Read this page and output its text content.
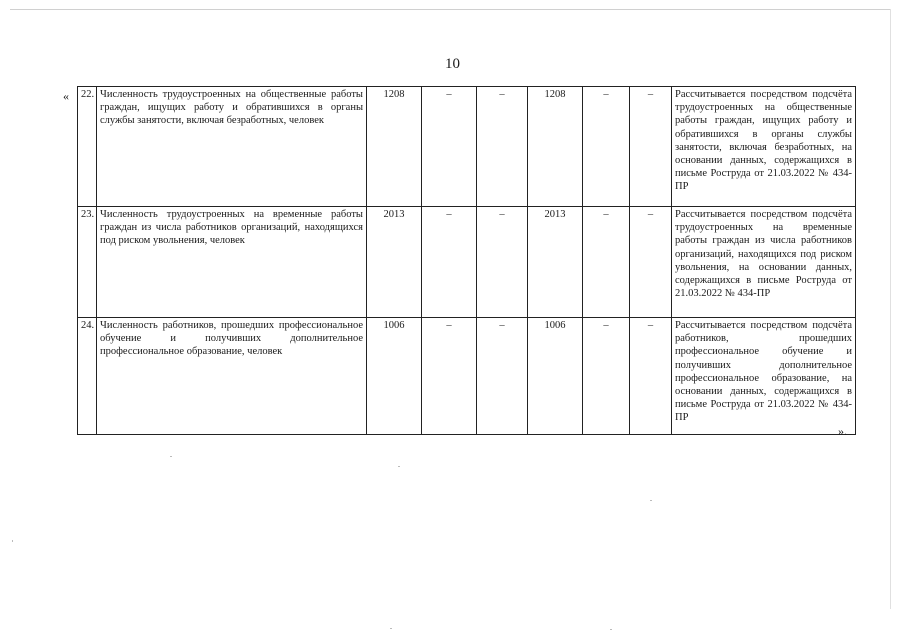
10
« 22.	Численность трудоустроенных на общественные работы граждан, ищущих работу и обратившихся в органы службы занятости, включая безработных, человек	1208	–	–	1208	–	–	Рассчитывается посредством подсчёта трудоустроенных на общественные работы граждан, ищущих работу и обратившихся в органы службы занятости, включая безработных, на основании данных, содержащихся в письме Роструда от 21.03.2022 № 434-ПР
23.	Численность трудоустроенных на временные работы граждан из числа работников организаций, находящихся под риском увольнения, человек	2013	–	–	2013	–	–	Рассчитывается посредством подсчёта трудоустроенных на временные работы граждан из числа работников организаций, находящихся под риском увольнения, на основании данных, содержащихся в письме Роструда от 21.03.2022 № 434-ПР
24.	Численность работников, прошедших профессиональное обучение и получивших дополнительное профессиональное образование, человек	1006	–	–	1006	–	–	Рассчитывается посредством подсчёта работников, прошедших профессиональное обучение и получивших дополнительное профессиональное образование, на основании данных, содержащихся в письме Роструда от 21.03.2022 № 434-ПР
».
